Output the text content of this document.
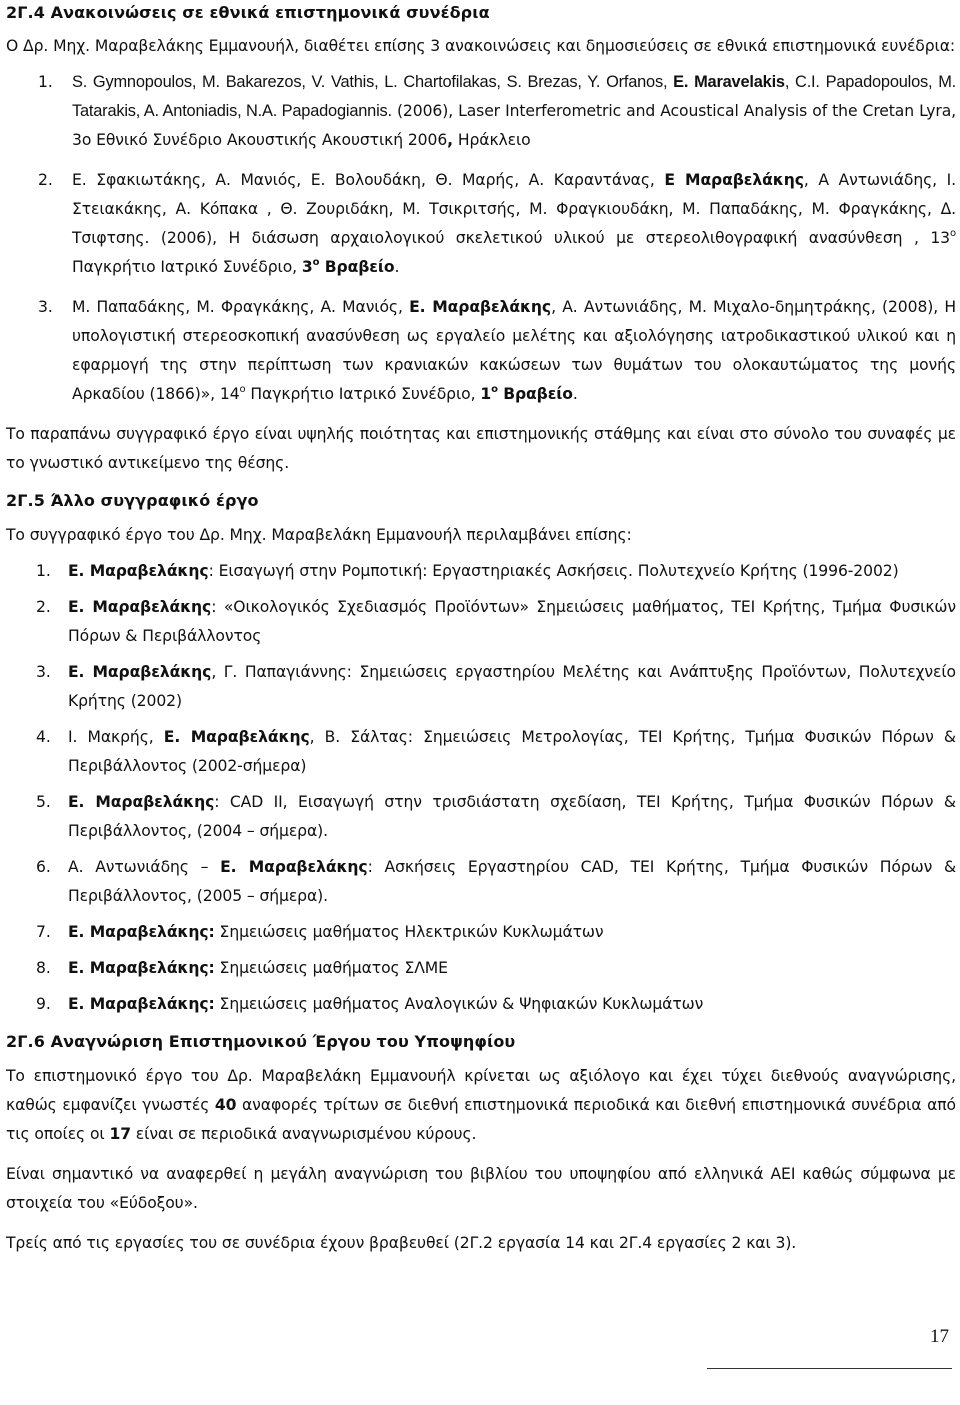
2Γ.4 Ανακοινώσεις σε εθνικά επιστημονικά συνέδρια

Ο Δρ. Μηχ. Μαραβελάκης Εμμανουήλ, διαθέτει επίσης 3 ανακοινώσεις και δημοσιεύσεις σε εθνικά επιστημονικά ευνέδρια:

1. S. Gymnopoulos, M. Bakarezos, V. Vathis, L. Chartofilakas, S. Brezas, Y. Orfanos, E. Maravelakis, C.I. Papadopoulos, M. Tatarakis, A. Antoniadis, N.A. Papadogiannis. (2006), Laser Interferometric and Acoustical Analysis of the Cretan Lyra, 3ο Εθνικό Συνέδριο Ακουστικής Ακουστική 2006, Ηράκλειο
2. Ε. Σφακιωτάκης, Α. Μανιός, Ε. Βολουδάκη, Θ. Μαρής, Α. Καραντάνας, Ε Μαραβελάκης, Α Αντωνιάδης, Ι. Στειακάκης, Α. Κόπακα , Θ. Ζουριδάκη, Μ. Τσικριτσής, Μ. Φραγκιουδάκη, Μ. Παπαδάκης, Μ. Φραγκάκης, Δ. Τσιφτσης. (2006), Η διάσωση αρχαιολογικού σκελετικού υλικού με στερεολιθογραφική ανασύνθεση , $13^o$ Παγκρήτιο Ιατρικό Συνέδριο, $3^o$ Βραβείο.
3. Μ. Παπαδάκης, Μ. Φραγκάκης, Α. Μανιός, Ε. Μαραβελάκης, Α. Αντωνιάδης, Μ. Μιχαλο-δημητράκης, (2008), Η υπολογιστική στερεοσκοπική ανασύνθεση ως εργαλείο μελέτης και αξιολόγησης ιατροδικαστικού υλικού και η εφαρμογή της στην περίπτωση των κρανιακών κακώσεων των θυμάτων του ολοκαυτώματος της μονής Αρκαδίου (1866)», $14^o$ Παγκρήτιο Ιατρικό Συνέδριο, $1^o$ Βραβείο.

Το παραπάνω συγγραφικό έργο είναι υψηλής ποιότητας και επιστημονικής στάθμης και είναι στο σύνολο του συναφές με το γνωστικό αντικείμενο της θέσης.

2Γ.5 Άλλο συγγραφικό έργο

Το συγγραφικό έργο του Δρ. Μηχ. Μαραβελάκη Εμμανουήλ περιλαμβάνει επίσης:

1. Ε. Μαραβελάκης: Εισαγωγή στην Ρομποτική: Εργαστηριακές Ασκήσεις. Πολυτεχνείο Κρήτης (1996-2002)
2. Ε. Μαραβελάκης: «Οικολογικός Σχεδιασμός Προϊόντων» Σημειώσεις μαθήματος, ΤΕΙ Κρήτης, Τμήμα Φυσικών Πόρων & Περιβάλλοντος
3. Ε. Μαραβελάκης, Γ. Παπαγιάννης: Σημειώσεις εργαστηρίου Μελέτης και Ανάπτυξης Προϊόντων, Πολυτεχνείο Κρήτης (2002)
4. Ι. Μακρής, Ε. Μαραβελάκης, Β. Σάλτας: Σημειώσεις Μετρολογίας, ΤΕΙ Κρήτης, Τμήμα Φυσικών Πόρων & Περιβάλλοντος (2002-σήμερα)
5. Ε. Μαραβελάκης: CAD II, Εισαγωγή στην τρισδιάστατη σχεδίαση, ΤΕΙ Κρήτης, Τμήμα Φυσικών Πόρων & Περιβάλλοντος, (2004 – σήμερα).
6. Α. Αντωνιάδης – Ε. Μαραβελάκης: Ασκήσεις Εργαστηρίου CAD, ΤΕΙ Κρήτης, Τμήμα Φυσικών Πόρων & Περιβάλλοντος, (2005 – σήμερα).
7. Ε. Μαραβελάκης: Σημειώσεις μαθήματος Ηλεκτρικών Κυκλωμάτων
8. Ε. Μαραβελάκης: Σημειώσεις μαθήματος ΣΛΜΕ
9. Ε. Μαραβελάκης: Σημειώσεις μαθήματος Αναλογικών & Ψηφιακών Κυκλωμάτων
2Γ.6 Αναγνώριση Επιστημονικού Έργου του Υποψηφίου

Το επιστημονικό έργο του Δρ. Μαραβελάκη Εμμανουήλ κρίνεται ως αξιόλογο και έχει τύχει διεθνούς αναγνώρισης, καθώς εμφανίζει γνωστές 40 αναφορές τρίτων σε διεθνή επιστημονικά περιοδικά και διεθνή επιστημονικά συνέδρια από τις οποίες οι 17 είναι σε περιοδικά αναγνωρισμένου κύρους.

Είναι σημαντικό να αναφερθεί η μεγάλη αναγνώριση του βιβλίου του υποψηφίου από ελληνικά ΑΕΙ καθώς σύμφωνα με στοιχεία του «Εύδοξου».

Τρείς από τις εργασίες του σε συνέδρια έχουν βραβευθεί (2Γ.2 εργασία 14 και 2Γ.4 εργασίες 2 και 3).

17
